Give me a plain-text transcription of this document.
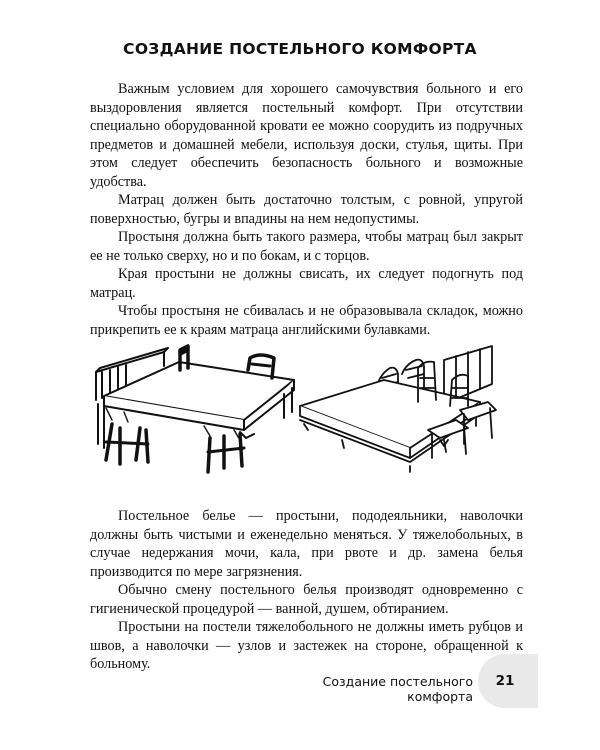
СОЗДАНИЕ ПОСТЕЛЬНОГО КОМФОРТА

Важным условием для хорошего самочувствия больного и его выздоровления является постельный комфорт. При отсутствии специально оборудованной кровати ее можно соорудить из подручных предметов и домашней мебели, используя доски, стулья, щиты. При этом следует обеспечить безопасность больного и возможные удобства.

Матрац должен быть достаточно толстым, с ровной, упругой поверхностью, бугры и впадины на нем недопустимы.

Простыня должна быть такого размера, чтобы матрац был закрыт ее не только сверху, но и по бокам, и с торцов.

Края простыни не должны свисать, их следует подогнуть под матрац.

Чтобы простыня не сбивалась и не образовывала складок, можно прикрепить ее к краям матраца английскими булавками.

Постельное белье — простыни, пододеяльники, наволочки должны быть чистыми и еженедельно меняться. У тяжелобольных, в случае недержания мочи, кала, при рвоте и др. замена белья производится по мере загрязнения.

Обычно смену постельного белья производят одновременно с гигиенической процедурой — ванной, душем, обтиранием.

Простыни на постели тяжелобольного не должны иметь рубцов и швов, а наволочки — узлов и застежек на стороне, обращенной к больному.

Создание постельного комфорта
21
